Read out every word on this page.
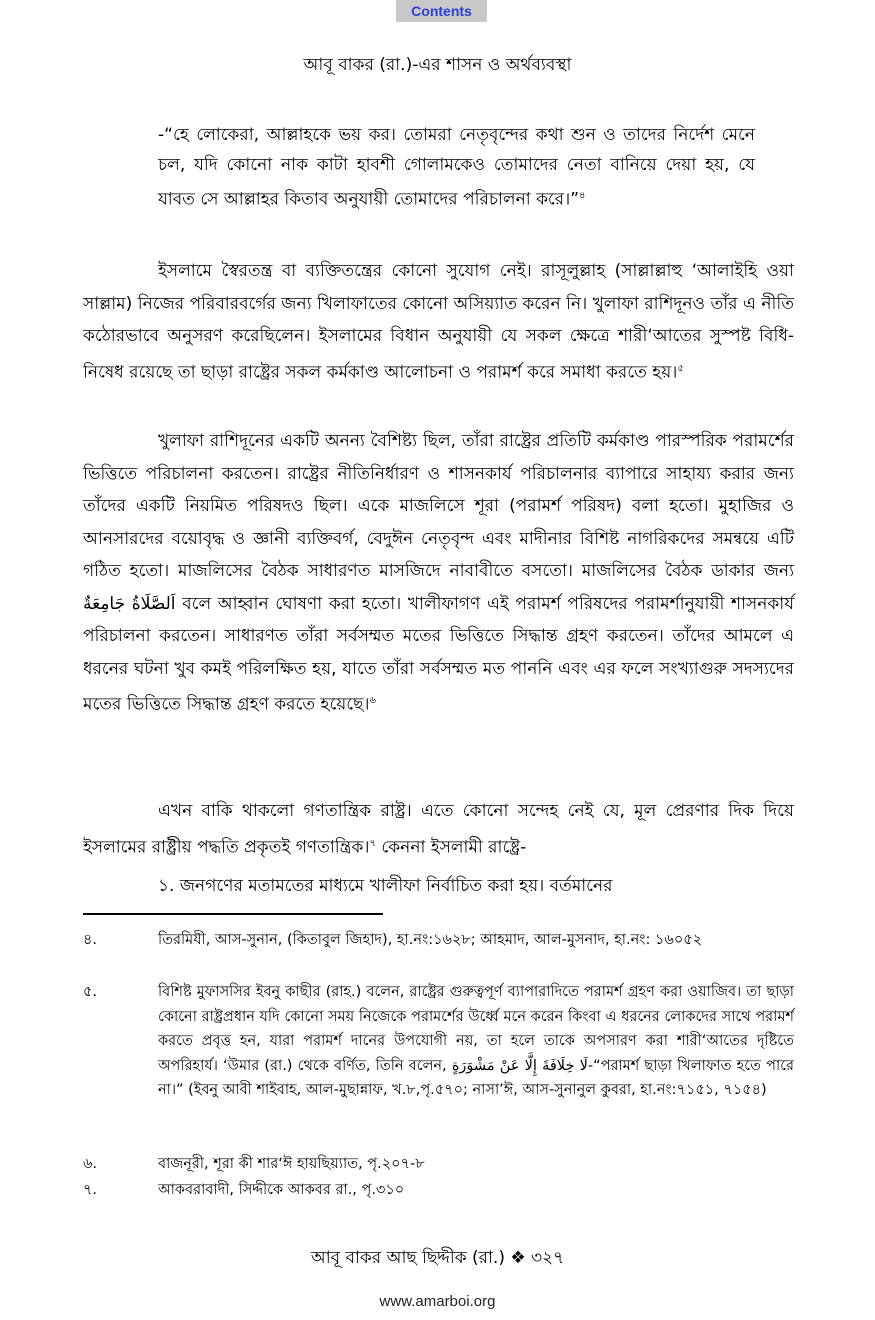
Contents
আবূ বাকর (রা.)-এর শাসন ও অর্থব্যবস্থা

-“হে লোকেরা, আল্লাহকে ভয় কর। তোমরা নেতৃবৃন্দের কথা শুন ও তাদের নির্দেশ মেনে চল, যদি কোনো নাক কাটা হাবশী গোলামকেও তোমাদের নেতা বানিয়ে দেয়া হয়, যে যাবত সে আল্লাহর কিতাব অনুযায়ী তোমাদের পরিচালনা করে।”$^৪$

ইসলামে স্বৈরতন্ত্র বা ব্যক্তিতন্ত্রের কোনো সুযোগ নেই। রাসূলুল্লাহ (সাল্লাল্লাহু ‘আলাইহি ওয়া সাল্লাম) নিজের পরিবারবর্গের জন্য খিলাফাতের কোনো অসিয়্যাত করেন নি। খুলাফা রাশিদূনও তাঁর এ নীতি কঠোরভাবে অনুসরণ করেছিলেন। ইসলামের বিধান অনুযায়ী যে সকল ক্ষেত্রে শারী‘আতের সুস্পষ্ট বিধি-নিষেধ রয়েছে তা ছাড়া রাষ্ট্রের সকল কর্মকাণ্ড আলোচনা ও পরামর্শ করে সমাধা করতে হয়।$^৫$

খুলাফা রাশিদূনের একটি অনন্য বৈশিষ্ট্য ছিল, তাঁরা রাষ্ট্রের প্রতিটি কর্মকাণ্ড পারস্পরিক পরামর্শের ভিত্তিতে পরিচালনা করতেন। রাষ্ট্রের নীতিনির্ধারণ ও শাসনকার্য পরিচালনার ব্যাপারে সাহায্য করার জন্য তাঁদের একটি নিয়মিত পরিষদও ছিল। একে মাজলিসে শূরা (পরামর্শ পরিষদ) বলা হতো। মুহাজির ও আনসারদের বয়োবৃদ্ধ ও জ্ঞানী ব্যক্তিবর্গ, বেদুঈন নেতৃবৃন্দ এবং মাদীনার বিশিষ্ট নাগরিকদের সমন্বয়ে এটি গঠিত হতো। মাজলিসের বৈঠক সাধারণত মাসজিদে নাবাবীতে বসতো। মাজলিসের বৈঠক ডাকার জন্য اَلصَّلَاةُ جَامِعَةٌ বলে আহ্বান ঘোষণা করা হতো। খালীফাগণ এই পরামর্শ পরিষদের পরামর্শানুযায়ী শাসনকার্য পরিচালনা করতেন। সাধারণত তাঁরা সর্বসম্মত মতের ভিত্তিতে সিদ্ধান্ত গ্রহণ করতেন। তাঁদের আমলে এ ধরনের ঘটনা খুব কমই পরিলক্ষিত হয়, যাতে তাঁরা সর্বসম্মত মত পাননি এবং এর ফলে সংখ্যাগুরু সদস্যদের মতের ভিত্তিতে সিদ্ধান্ত গ্রহণ করতে হয়েছে।$^৬$

এখন বাকি থাকলো গণতান্ত্রিক রাষ্ট্র। এতে কোনো সন্দেহ নেই যে, মূল প্রেরণার দিক দিয়ে ইসলামের রাষ্ট্রীয় পদ্ধতি প্রকৃতই গণতান্ত্রিক।$^৭$ কেননা ইসলামী রাষ্ট্রে-

১. জনগণের মতামতের মাধ্যমে খালীফা নির্বাচিত করা হয়। বর্তমানের

৪.	তিরমিযী, আস-সুনান, (কিতাবুল জিহাদ), হা.নং:১৬২৮; আহমাদ, আল-মুসনাদ, হা.নং: ১৬০৫২
৫.	বিশিষ্ট মুফাসসির ইবনু কাছীর (রাহ.) বলেন, রাষ্ট্রের গুরুত্বপূর্ণ ব্যাপারাদিতে পরামর্শ গ্রহণ করা ওয়াজিব। তা ছাড়া কোনো রাষ্ট্রপ্রধান যদি কোনো সময় নিজেকে পরামর্শের উর্ধ্বে মনে করেন কিংবা এ ধরনের লোকদের সাথে পরামর্শ করতে প্রবৃত্ত হন, যারা পরামর্শ দানের উপযোগী নয়, তা হলে তাকে অপসারণ করা শারী‘আতের দৃষ্টিতে অপরিহার্য। ‘উমার (রা.) থেকে বর্ণিত, তিনি বলেন, لَا خِلَافَةَ إِلَّا عَنْ مَشْوَرَةٍ-“পরামর্শ ছাড়া খিলাফাত হতে পারে না।” (ইবনু আবী শাইবাহ, আল-মুছান্নাফ, খ.৮,পৃ.৫৭০; নাসা’ঈ, আস-সুনানুল কুবরা, হা.নং:৭১৫১, ৭১৫৪)
৬.	বাজনূরী, শূরা কী শার‘ঈ হায়ছিয়্যাত, পৃ.২০৭-৮
৭.	আকবরাবাদী, সিদ্দীকে আকবর রা., পৃ.৩১০
আবূ বাকর আছ ছিদ্দীক (রা.) ❖ ৩২৭
www.amarboi.org
